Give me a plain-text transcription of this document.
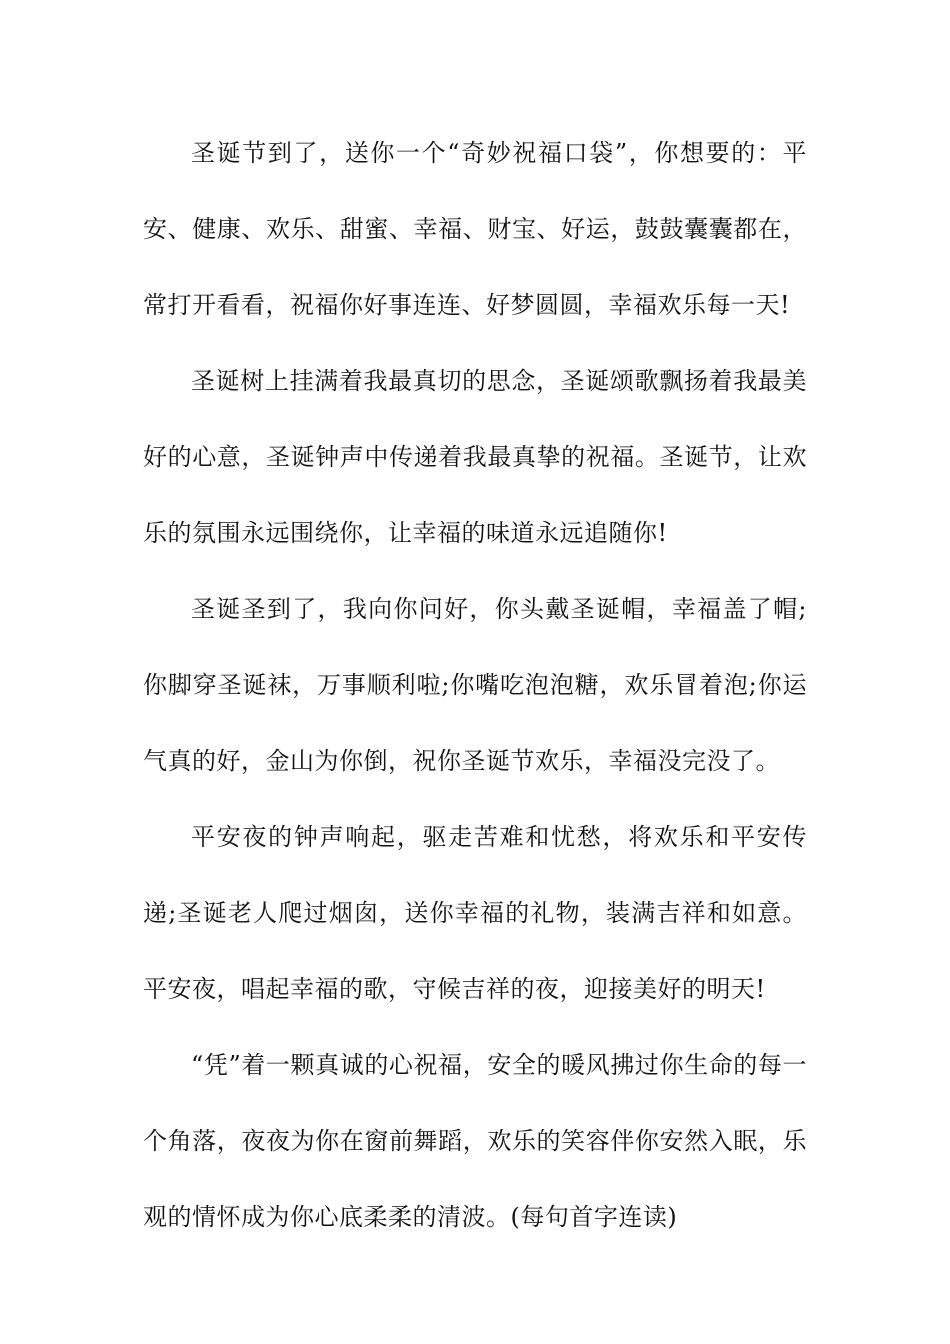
圣诞节到了，送你一个“奇妙祝福口袋”，你想要的：平安、健康、欢乐、甜蜜、幸福、财宝、好运，鼓鼓囊囊都在，常打开看看，祝福你好事连连、好梦圆圆，幸福欢乐每一天!

圣诞树上挂满着我最真切的思念，圣诞颂歌飘扬着我最美好的心意，圣诞钟声中传递着我最真挚的祝福。圣诞节，让欢乐的氛围永远围绕你，让幸福的味道永远追随你!

圣诞圣到了，我向你问好，你头戴圣诞帽，幸福盖了帽;你脚穿圣诞袜，万事顺利啦;你嘴吃泡泡糖，欢乐冒着泡;你运气真的好，金山为你倒，祝你圣诞节欢乐，幸福没完没了。

平安夜的钟声响起，驱走苦难和忧愁，将欢乐和平安传递;圣诞老人爬过烟囱，送你幸福的礼物，装满吉祥和如意。平安夜，唱起幸福的歌，守候吉祥的夜，迎接美好的明天!

“凭”着一颗真诚的心祝福，安全的暖风拂过你生命的每一个角落，夜夜为你在窗前舞蹈，欢乐的笑容伴你安然入眠，乐观的情怀成为你心底柔柔的清波。(每句首字连读)
